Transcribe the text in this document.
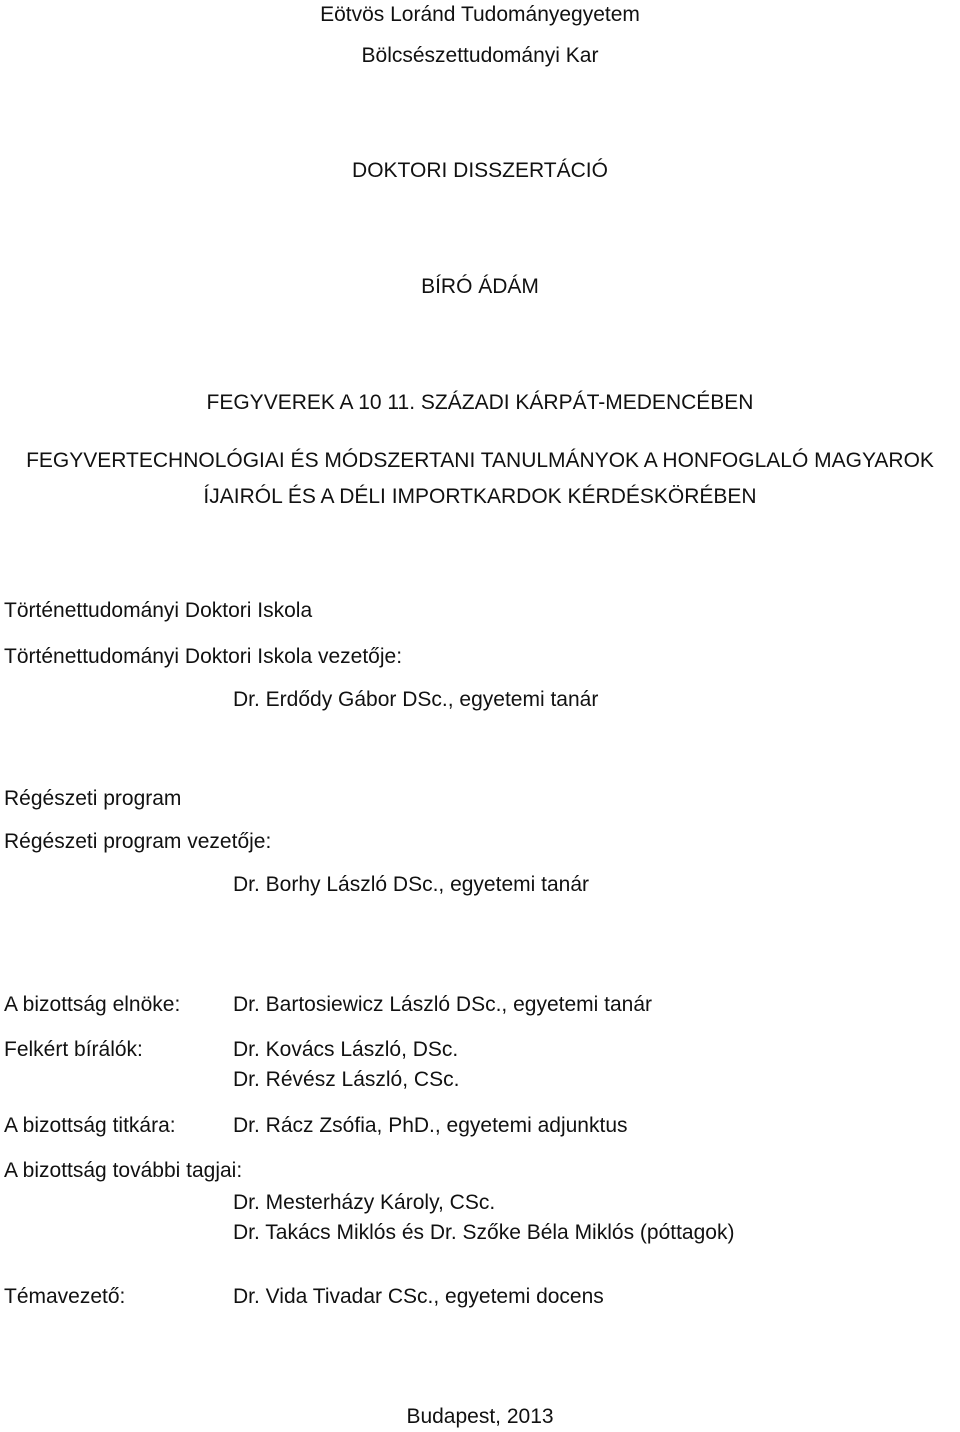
Eötvös Loránd Tudományegyetem
Bölcsészettudományi Kar
DOKTORI DISSZERTÁCIÓ
BÍRÓ ÁDÁM
FEGYVEREK A 10 11. SZÁZADI KÁRPÁT-MEDENCÉBEN
FEGYVERTECHNOLÓGIAI ÉS MÓDSZERTANI TANULMÁNYOK A HONFOGLALÓ MAGYAROK
ÍJAIRÓL ÉS A DÉLI IMPORTKARDOK KÉRDÉSKÖRÉBEN
Történettudományi Doktori Iskola
Történettudományi Doktori Iskola vezetője:
Dr. Erdődy Gábor DSc., egyetemi tanár
Régészeti program
Régészeti program vezetője:
Dr. Borhy László DSc., egyetemi tanár
A bizottság elnöke:	Dr. Bartosiewicz László DSc., egyetemi tanár
Felkért bírálók:	Dr. Kovács László, DSc.
Dr. Révész László, CSc.
A bizottság titkára:	Dr. Rácz Zsófia, PhD., egyetemi adjunktus
A bizottság további tagjai:
Dr. Mesterházy Károly, CSc.
Dr. Takács Miklós és Dr. Szőke Béla Miklós (póttagok)
Témavezető:	Dr. Vida Tivadar CSc., egyetemi docens
Budapest, 2013
